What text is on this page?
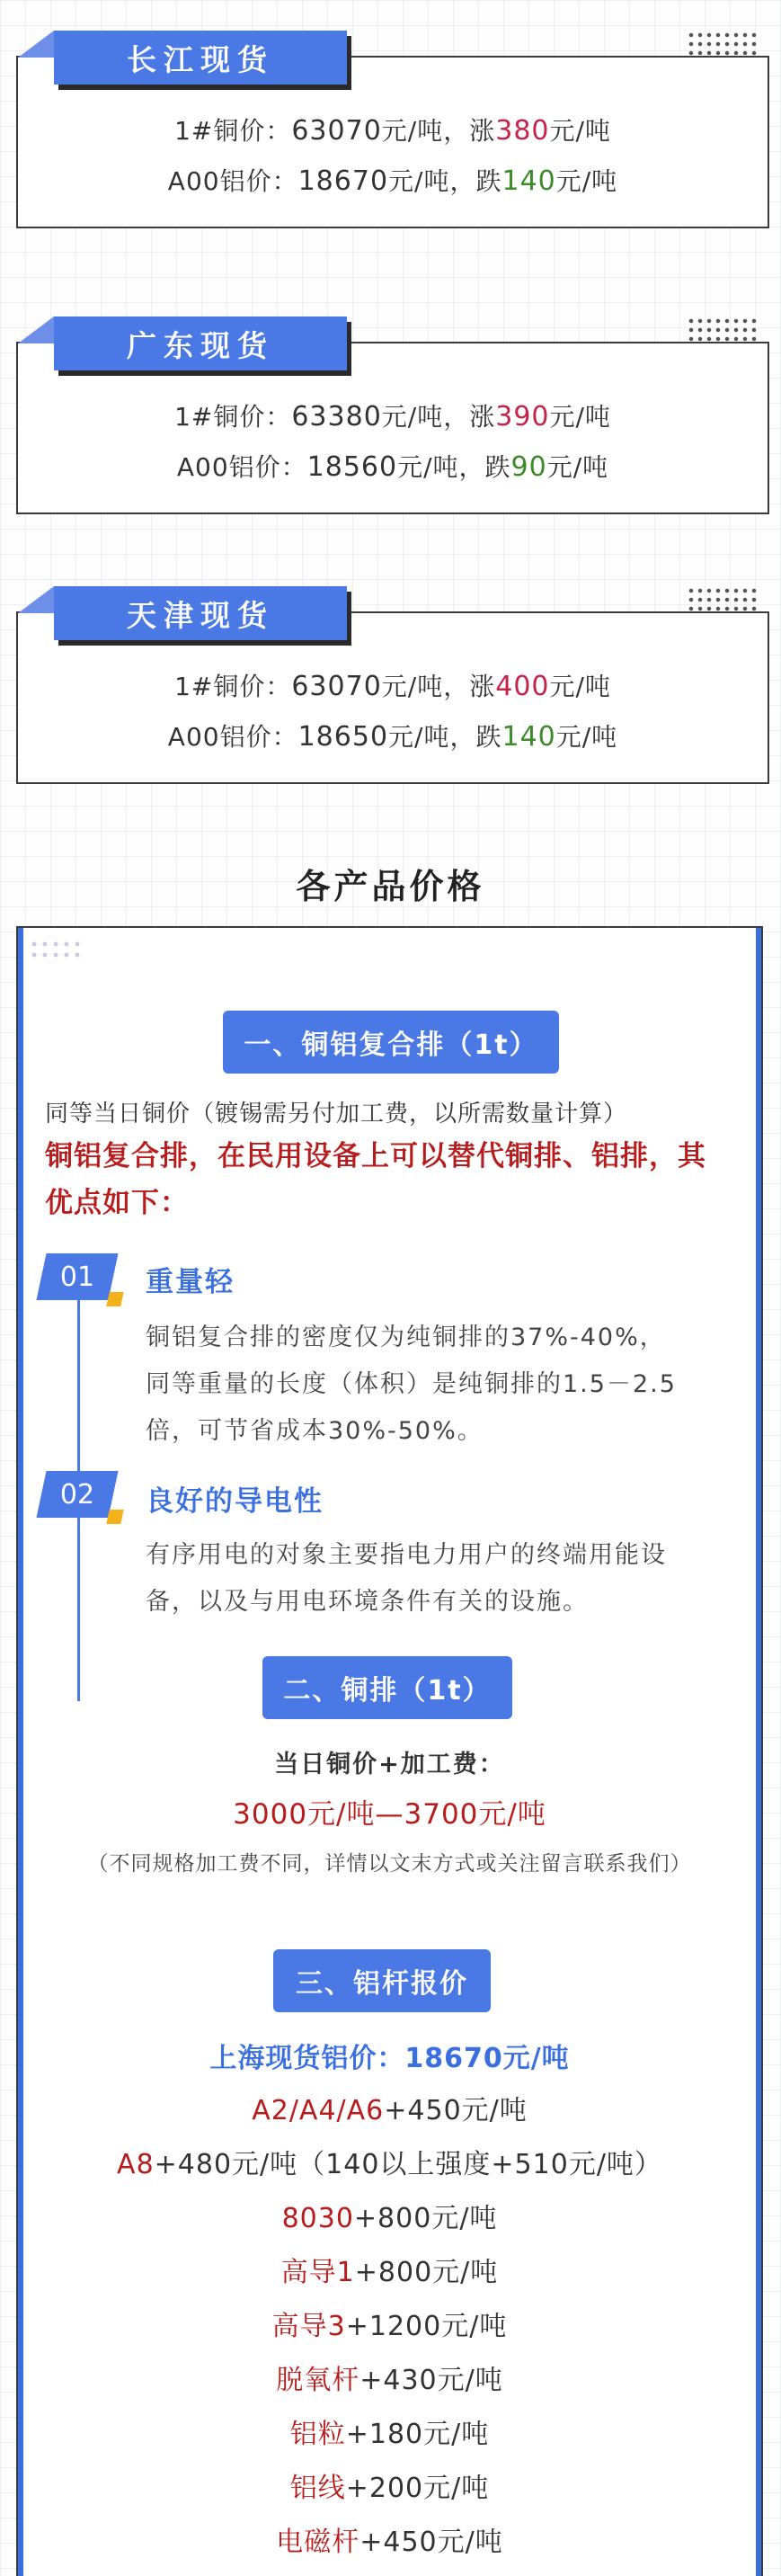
长江现货
1#铜价：63070元/吨，涨380元/吨
A00铝价：18670元/吨，跌140元/吨
广东现货
1#铜价：63380元/吨，涨390元/吨
A00铝价：18560元/吨，跌90元/吨
天津现货
1#铜价：63070元/吨，涨400元/吨
A00铝价：18650元/吨，跌140元/吨
各产品价格
一、铜铝复合排（1t）
同等当日铜价（镀锡需另付加工费，以所需数量计算）
铜铝复合排，在民用设备上可以替代铜排、铝排，其
优点如下：
01 重量轻
铜铝复合排的密度仅为纯铜排的37%-40%，
同等重量的长度（体积）是纯铜排的1.5－2.5
倍，可节省成本30%-50%。
02 良好的导电性
有序用电的对象主要指电力用户的终端用能设
备，以及与用电环境条件有关的设施。
二、铜排（1t）
当日铜价+加工费：
3000元/吨—3700元/吨
（不同规格加工费不同，详情以文末方式或关注留言联系我们）
三、铝杆报价
上海现货铝价：18670元/吨
A2/A4/A6+450元/吨
A8+480元/吨（140以上强度+510元/吨）
8030+800元/吨
高导1+800元/吨
高导3+1200元/吨
脱氧杆+430元/吨
铝粒+180元/吨
铝线+200元/吨
电磁杆+450元/吨
